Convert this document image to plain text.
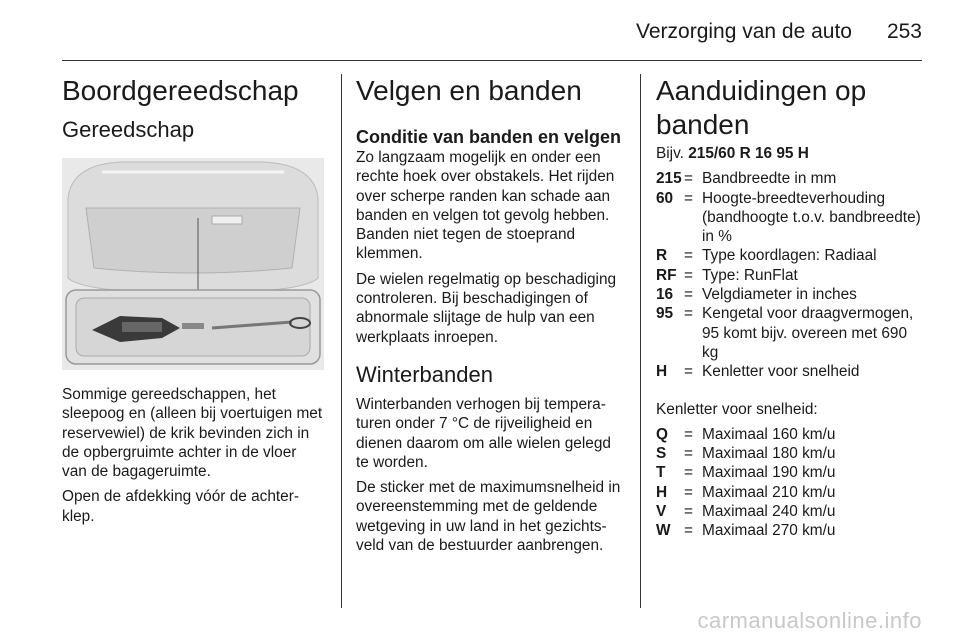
Verzorging van de auto 253
Boordgereedschap
Gereedschap

Sommige gereedschappen, het sleepoog en (alleen bij voertuigen met reservewiel) de krik bevinden zich in de opbergruimte achter in de vloer van de bagageruimte.

Open de afdekking vóór de achterklep.

Velgen en banden
Conditie van banden en velgen

Zo langzaam mogelijk en onder een rechte hoek over obstakels. Het rijden over scherpe randen kan schade aan banden en velgen tot gevolg hebben. Banden niet tegen de stoeprand klemmen.

De wielen regelmatig op beschadiging controleren. Bij beschadigingen of abnormale slijtage de hulp van een werkplaats inroepen.

Winterbanden

Winterbanden verhogen bij temperaturen onder 7 °C de rijveiligheid en dienen daarom om alle wielen gelegd te worden.

De sticker met de maximumsnelheid in overeenstemming met de geldende wetgeving in uw land in het gezichtsveld van de bestuurder aanbrengen.

Aanduidingen op banden
Bijv. 215/60 R 16 95 H
215 = Bandbreedte in mm
60 = Hoogte-breedteverhouding (bandhoogte t.o.v. bandbreedte) in %
R	= Type koordlagen: Radiaal
RF = Type: RunFlat
16 = Velgdiameter in inches
95 = Kengetal voor draagvermogen, 95 komt bijv. overeen met 690 kg
H	= Kenletter voor snelheid

Kenletter voor snelheid:

Q	= Maximaal 160 km/u
S	= Maximaal 180 km/u
T	= Maximaal 190 km/u
H	= Maximaal 210 km/u
V	= Maximaal 240 km/u
W = Maximaal 270 km/u
carmanualsonline.info
